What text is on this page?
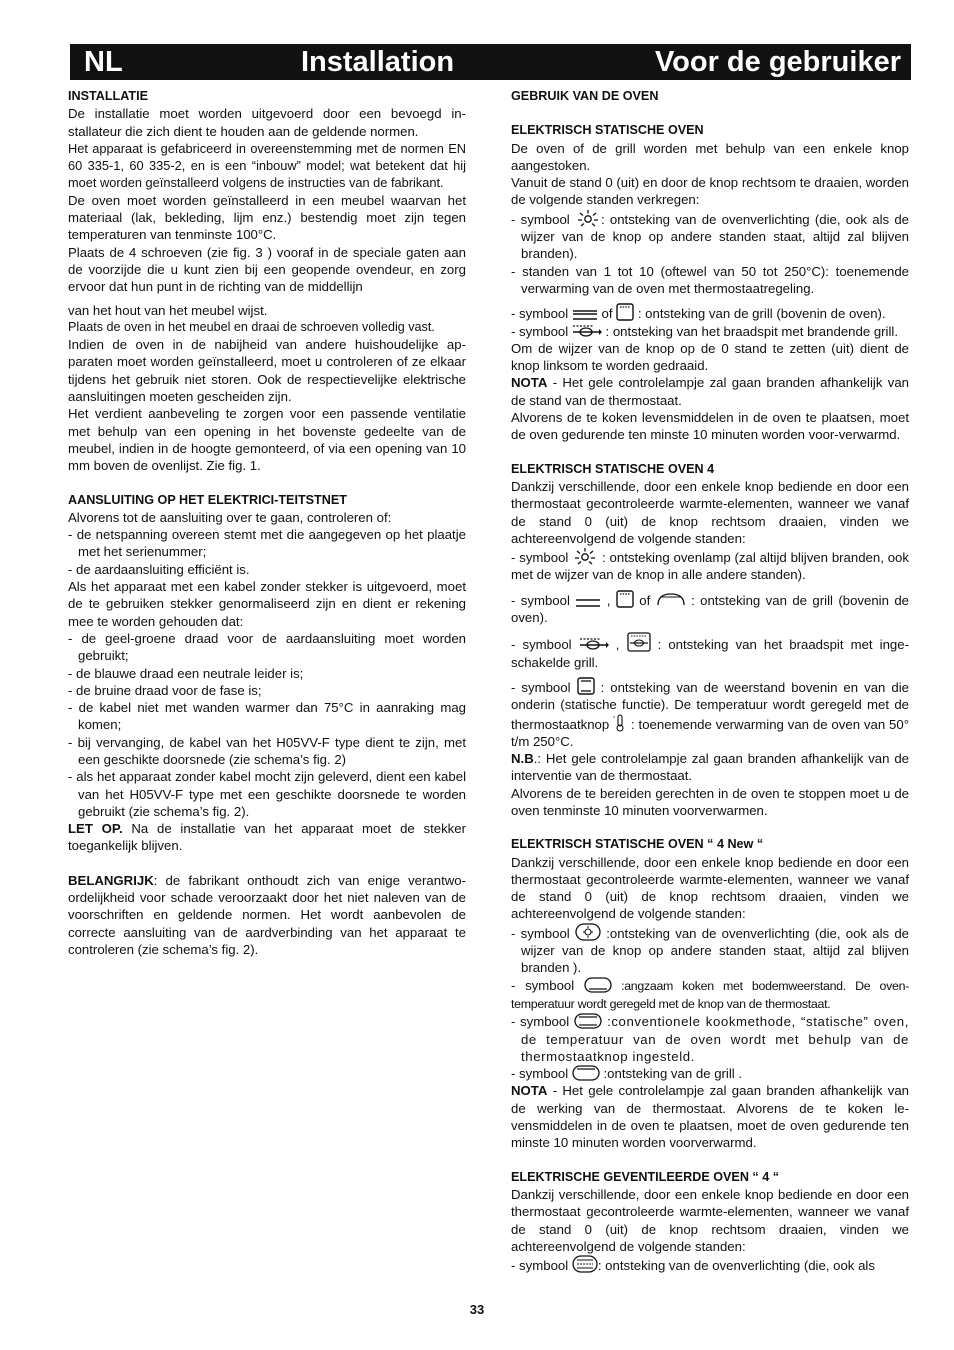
NL	Installation	Voor de gebruiker
INSTALLATIE

De installatie moet worden uitgevoerd door een bevoegd in-stallateur die zich dient te houden aan de geldende normen.

Het apparaat is gefabriceerd in overeenstemming met de normen EN 60 335-1, 60 335-2, en is een “inbouw” model; wat betekent dat hij moet worden geïnstalleerd volgens de instructies van de fabrikant.

De oven moet worden geïnstalleerd in een meubel waarvan het materiaal (lak, bekleding, lijm enz.) bestendig moet zijn tegen temperaturen van tenminste 100°C.

Plaats de 4 schroeven (zie fig. 3 ) vooraf in de speciale gaten aan de voorzijde die u kunt zien bij een geopende ovendeur, en zorg ervoor dat hun punt in de richting van de middellijn

van het hout van het meubel wijst.

Plaats de oven in het meubel en draai de schroeven volledig vast.

Indien de oven in de nabijheid van andere huishoudelijke ap-paraten moet worden geïnstalleerd, moet u controleren of ze elkaar tijdens het gebruik niet storen. Ook de respectievelijke elektrische aansluitingen moeten gescheiden zijn.

Het verdient aanbeveling te zorgen voor een passende ventilatie met behulp van een opening in het bovenste gedeelte van de meubel, indien in de hoogte gemonteerd, of via een opening van 10 mm boven de ovenlijst. Zie fig. 1.

AANSLUITING OP HET ELEKTRICI-TEITSTNET

Alvorens tot de aansluiting over te gaan, controleren of:

- de netspanning overeen stemt met die aangegeven op het plaatje met het serienummer;

- de aardaansluiting efficiënt is.

Als het apparaat met een kabel zonder stekker is uitgevoerd, moet de te gebruiken stekker genormaliseerd zijn en dient er rekening mee te worden gehouden dat:

- de geel-groene draad voor de aardaansluiting moet worden gebruikt;

- de blauwe draad een neutrale leider is;

- de bruine draad voor de fase is;

- de kabel niet met wanden warmer dan 75°C in aanraking mag komen;

- bij vervanging, de kabel van het H05VV-F type dient te zijn, met een geschikte doorsnede (zie schema’s fig. 2)

- als het apparaat zonder kabel mocht zijn geleverd, dient een kabel van het H05VV-F type met een geschikte doorsnede te worden gebruikt (zie schema’s fig. 2).

LET OP. Na de installatie van het apparaat moet de stekker toegankelijk blijven.

BELANGRIJK: de fabrikant onthoudt zich van enige verantwo-ordelijkheid voor schade veroorzaakt door het niet naleven van de voorschriften en geldende normen. Het wordt aanbevolen de correcte aansluiting van de aardverbinding van het apparaat te controleren (zie schema’s fig. 2).

GEBRUIK VAN DE OVEN
ELEKTRISCH STATISCHE OVEN

De oven of de grill worden met behulp van een enkele knop aangestoken.

Vanuit de stand 0 (uit) en door de knop rechtsom te draaien, worden de volgende standen verkregen:

- symbool
: ontsteking van de ovenverlichting (die, ook als de wijzer van de knop op andere standen staat, altijd zal blijven branden).

- standen van 1 tot 10 (oftewel van 50 tot 250°C): toenemende verwarming van de oven met thermostaatregeling.

- symbool
of
: ontsteking van de grill (bovenin de oven).

- symbool
: ontsteking van het braadspit met brandende grill.

Om de wijzer van de knop op de 0 stand te zetten (uit) dient de knop linksom te worden gedraaid.

NOTA - Het gele controlelampje zal gaan branden afhankelijk van de stand van de thermostaat.

Alvorens de te koken levensmiddelen in de oven te plaatsen, moet de oven gedurende ten minste 10 minuten worden voor-verwarmd.

ELEKTRISCH STATISCHE OVEN 4

Dankzij verschillende, door een enkele knop bediende en door een thermostaat gecontroleerde warmte-elementen, wanneer we vanaf de stand 0 (uit) de knop rechtsom draaien, vinden we achtereenvolgend de volgende standen:

- symbool
: ontsteking ovenlamp (zal altijd blijven branden, ook met de wijzer van de knop in alle andere standen).

- symbool
,
of
: ontsteking van de grill (bovenin de oven).

- symbool
,
: ontsteking van het braadspit met inge-schakelde grill.

- symbool
: ontsteking van de weerstand bovenin en van die onderin (statische functie). De temperatuur wordt geregeld met de thermostaatknop ° : toenemende verwarming van de oven van 50° t/m 250°C.

N.B.: Het gele controlelampje zal gaan branden afhankelijk van de interventie van de thermostaat.

Alvorens de te bereiden gerechten in de oven te stoppen moet u de oven tenminste 10 minuten voorverwarmen.

ELEKTRISCH STATISCHE OVEN “ 4 New “

Dankzij verschillende, door een enkele knop bediende en door een thermostaat gecontroleerde warmte-elementen, wanneer we vanaf de stand 0 (uit) de knop rechtsom draaien, vinden we achtereenvolgend de volgende standen:

- symbool
:ontsteking van de ovenverlichting (die, ook als de wijzer van de knop op andere standen staat, altijd zal blijven branden ).

- symbool
:angzaam koken met bodemweerstand. De oven-temperatuur wordt geregeld met de knop van de thermostaat.

- symbool
:conventionele kookmethode, “statische” oven, de temperatuur van de oven wordt met behulp van de thermostaatknop ingesteld.

- symbool
:ontsteking van de grill .

NOTA - Het gele controlelampje zal gaan branden afhankelijk van de werking van de thermostaat. Alvorens de te koken le-vensmiddelen in de oven te plaatsen, moet de oven gedurende ten minste 10 minuten worden voorverwarmd.

ELEKTRISCHE GEVENTILEERDE OVEN “ 4 “

Dankzij verschillende, door een enkele knop bediende en door een thermostaat gecontroleerde warmte-elementen, wanneer we vanaf de stand 0 (uit) de knop rechtsom draaien, vinden we achtereenvolgend de volgende standen:

- symbool
: ontsteking van de ovenverlichting (die, ook als

33
